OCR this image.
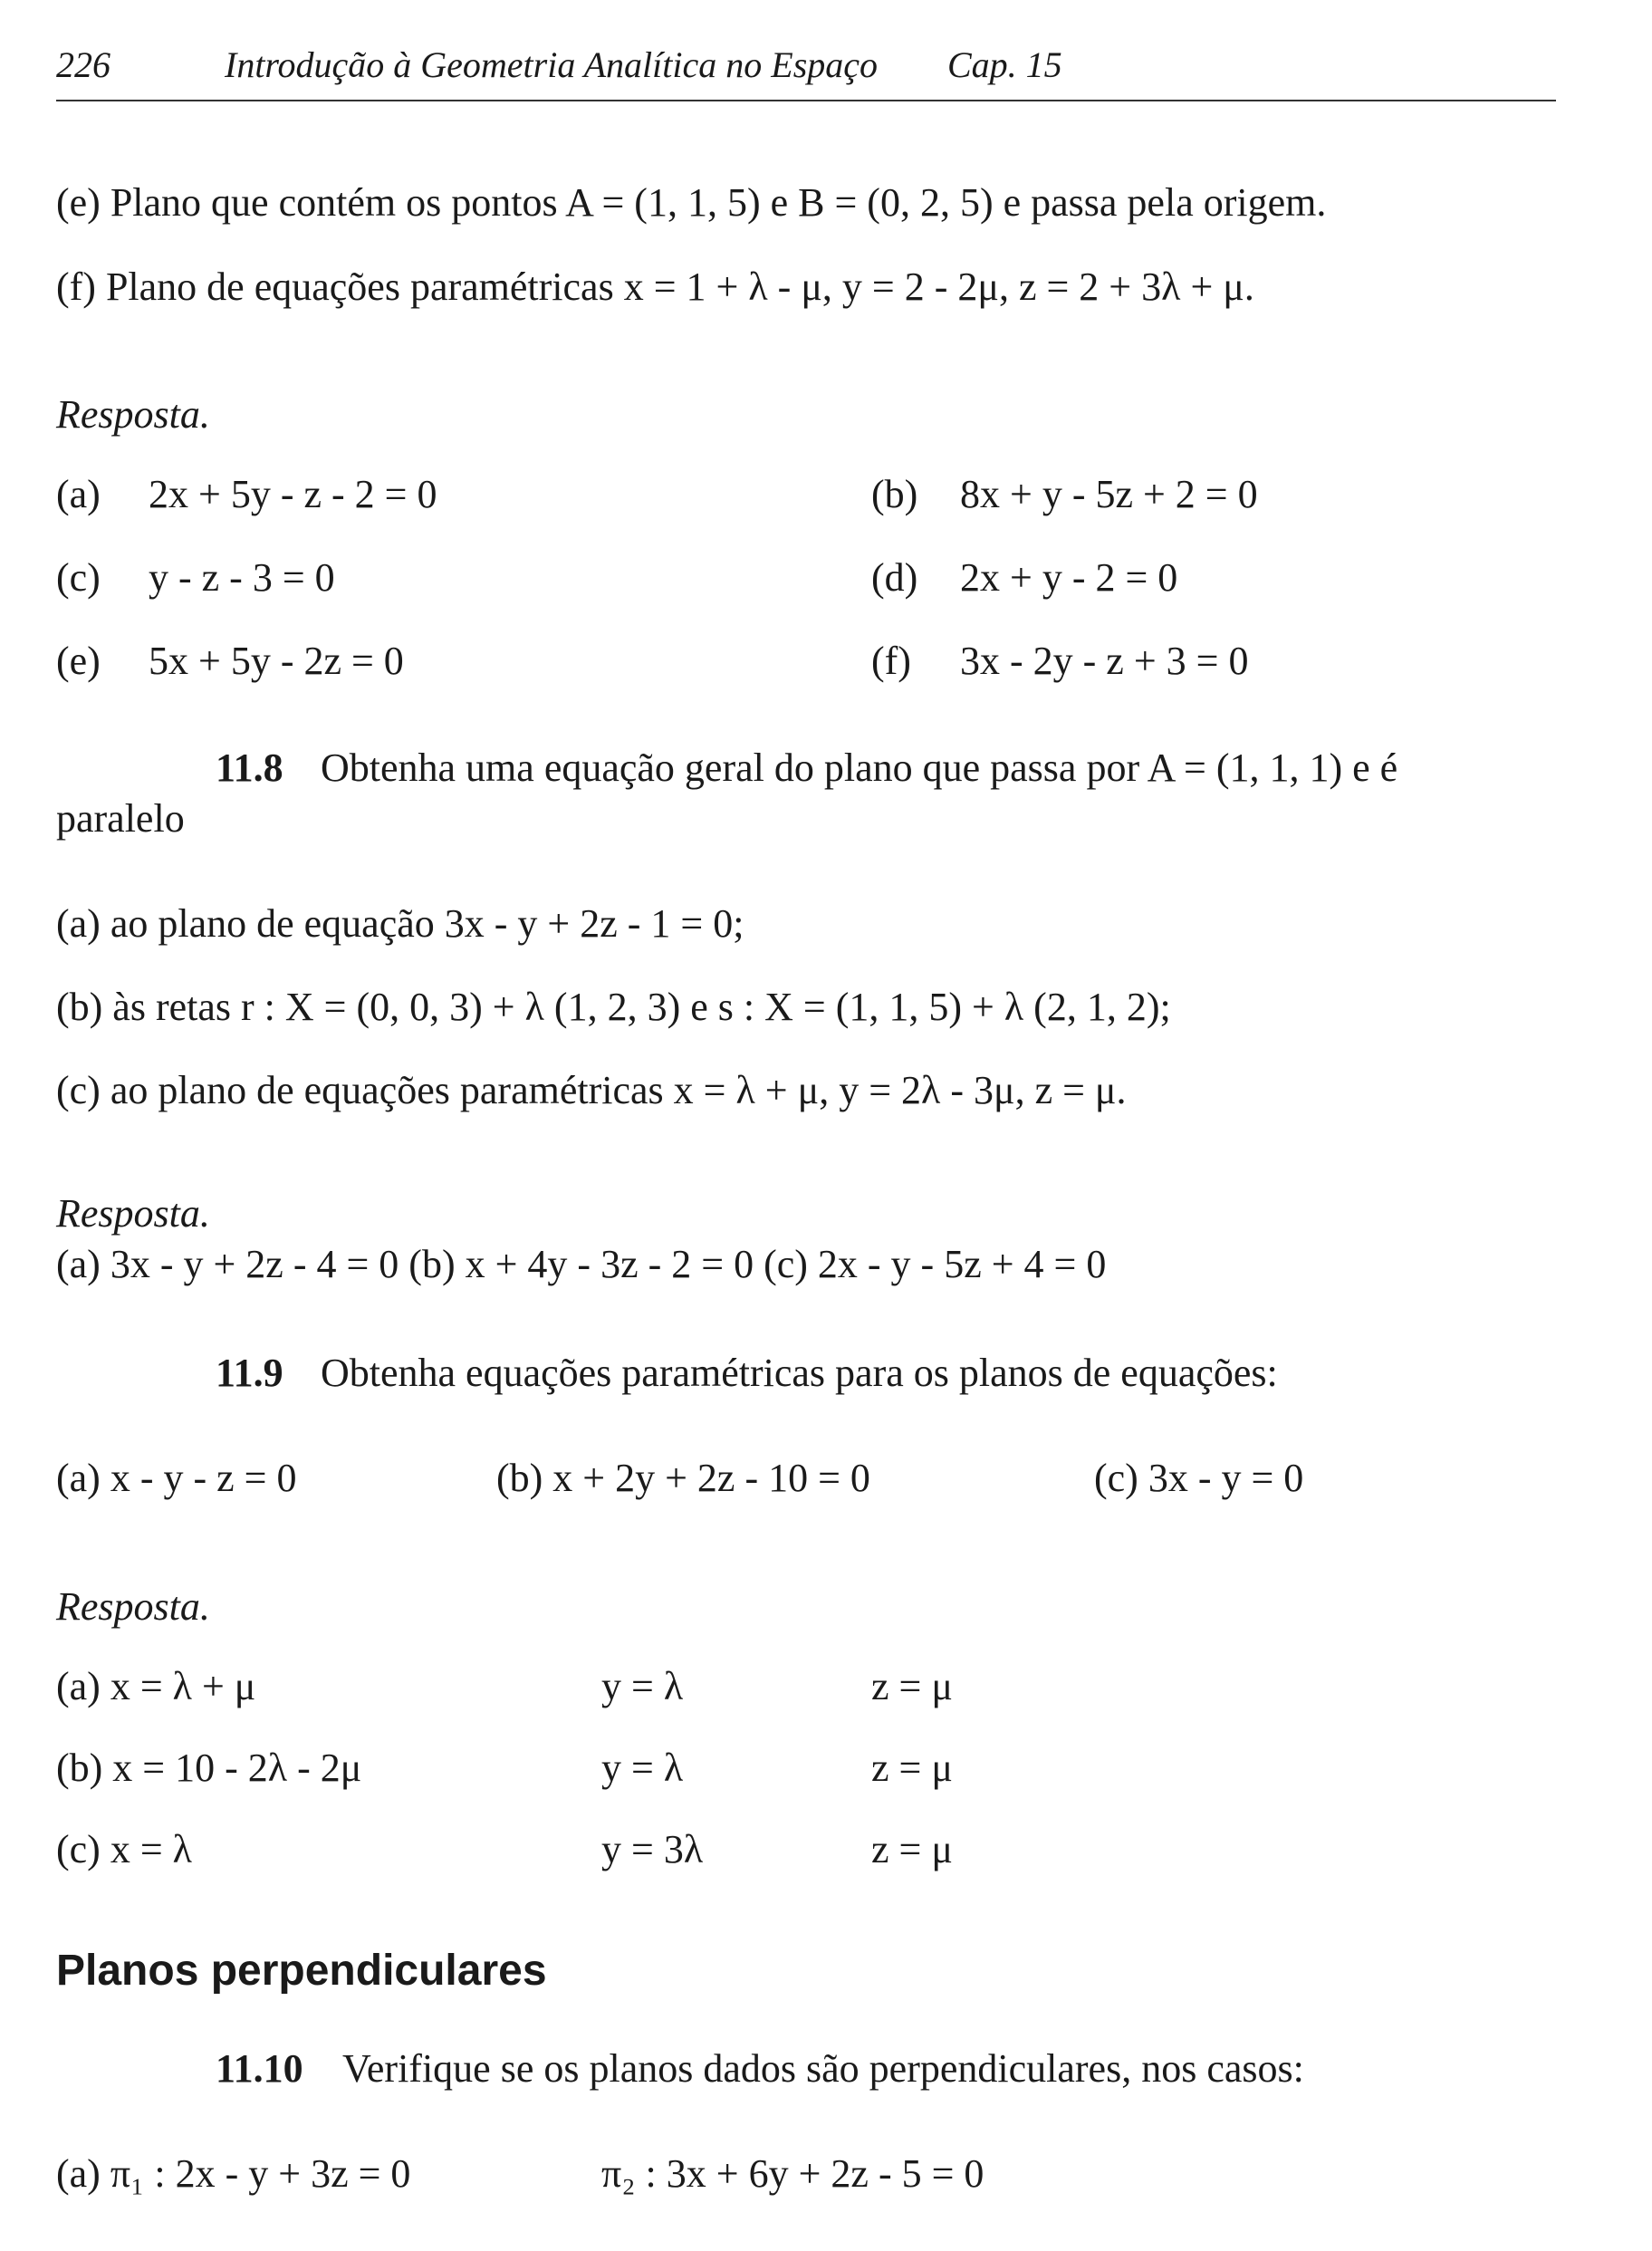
226	Introdução à Geometria Analítica no Espaço Cap. 15
(e) Plano que contém os pontos A = (1, 1, 5) e B = (0, 2, 5) e passa pela origem.
(f) Plano de equações paramétricas x = 1 + λ - μ, y = 2 - 2μ, z = 2 + 3λ + μ.
Resposta.
(a) 2x + 5y - z - 2 = 0	(b) 8x + y - 5z + 2 = 0
(c) y - z - 3 = 0	(d) 2x + y - 2 = 0
(e) 5x + 5y - 2z = 0	(f) 3x - 2y - z + 3 = 0
11.8 Obtenha uma equação geral do plano que passa por A = (1, 1, 1) e é
paralelo
(a) ao plano de equação 3x - y + 2z - 1 = 0;
(b) às retas r : X = (0, 0, 3) + λ (1, 2, 3) e s : X = (1, 1, 5) + λ (2, 1, 2);
(c) ao plano de equações paramétricas x = λ + μ, y = 2λ - 3μ, z = μ.
Resposta.
(a) 3x - y + 2z - 4 = 0 (b) x + 4y - 3z - 2 = 0 (c) 2x - y - 5z + 4 = 0
11.9 Obtenha equações paramétricas para os planos de equações:
(a) x - y - z = 0	(b) x + 2y + 2z - 10 = 0	(c) 3x - y = 0
Resposta.
(a) x = λ + μ	y = λ	z = μ
(b) x = 10 - 2λ - 2μ	y = λ	z = μ
(c) x = λ	y = 3λ	z = μ
Planos perpendiculares
11.10 Verifique se os planos dados são perpendiculares, nos casos:
(a) π₁ : 2x - y + 3z = 0	π₂ : 3x + 6y + 2z - 5 = 0
